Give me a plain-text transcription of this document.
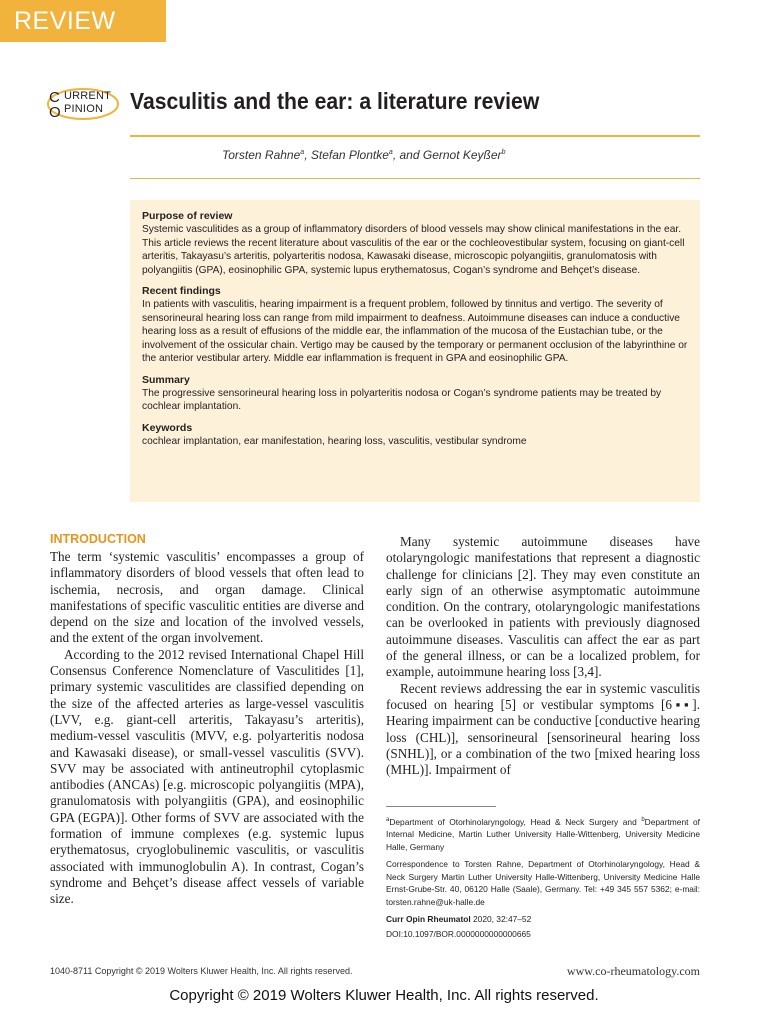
REVIEW
C
O
URRENT
PINION Vasculitis and the ear: a literature review
Torsten Rahne$^a$, Stefan Plontke$^a$, and Gernot Keyßer$^b$
Purpose of review

Systemic vasculitides as a group of inflammatory disorders of blood vessels may show clinical manifestations in the ear. This article reviews the recent literature about vasculitis of the ear or the cochleovestibular system, focusing on giant-cell arteritis, Takayasu’s arteritis, polyarteritis nodosa, Kawasaki disease, microscopic polyangiitis, granulomatosis with polyangiitis (GPA), eosinophilic GPA, systemic lupus erythematosus, Cogan’s syndrome and Behçet’s disease.

Recent findings

In patients with vasculitis, hearing impairment is a frequent problem, followed by tinnitus and vertigo. The severity of sensorineural hearing loss can range from mild impairment to deafness. Autoimmune diseases can induce a conductive hearing loss as a result of effusions of the middle ear, the inflammation of the mucosa of the Eustachian tube, or the involvement of the ossicular chain. Vertigo may be caused by the temporary or permanent occlusion of the labyrinthine or the anterior vestibular artery. Middle ear inflammation is frequent in GPA and eosinophilic GPA.

Summary

The progressive sensorineural hearing loss in polyarteritis nodosa or Cogan’s syndrome patients may be treated by cochlear implantation.

Keywords

cochlear implantation, ear manifestation, hearing loss, vasculitis, vestibular syndrome

INTRODUCTION

The term ‘systemic vasculitis’ encompasses a group of inflammatory disorders of blood vessels that often lead to ischemia, necrosis, and organ damage. Clinical manifestations of specific vasculitic entities are diverse and depend on the size and location of the involved vessels, and the extent of the organ involvement.

According to the 2012 revised International Chapel Hill Consensus Conference Nomenclature of Vasculitides [1], primary systemic vasculitides are classified depending on the size of the affected arteries as large-vessel vasculitis (LVV, e.g. giant-cell arteritis, Takayasu’s arteritis), medium-vessel vasculitis (MVV, e.g. polyarteritis nodosa and Kawasaki disease), or small-vessel vasculitis (SVV). SVV may be associated with antineutrophil cytoplasmic antibodies (ANCAs) [e.g. microscopic polyangiitis (MPA), granulomatosis with polyangiitis (GPA), and eosinophilic GPA (EGPA)]. Other forms of SVV are associated with the formation of immune complexes (e.g. systemic lupus erythematosus, cryoglobulinemic vasculitis, or vasculitis associated with immunoglobulin A). In contrast, Cogan’s syndrome and Behçet’s disease affect vessels of variable size.

Many systemic autoimmune diseases have otolaryngologic manifestations that represent a diagnostic challenge for clinicians [2]. They may even constitute an early sign of an otherwise asymptomatic autoimmune condition. On the contrary, otolaryngologic manifestations can be overlooked in patients with previously diagnosed autoimmune diseases. Vasculitis can affect the ear as part of the general illness, or can be a localized problem, for example, autoimmune hearing loss [3,4].

Recent reviews addressing the ear in systemic vasculitis focused on hearing [5] or vestibular symptoms [6▪▪]. Hearing impairment can be conductive [conductive hearing loss (CHL)], sensorineural [sensorineural hearing loss (SNHL)], or a combination of the two [mixed hearing loss (MHL)]. Impairment of

$^a$Department of Otorhinolaryngology, Head & Neck Surgery and $^b$Department of Internal Medicine, Martin Luther University Halle-Wittenberg, University Medicine Halle, Germany

Correspondence to Torsten Rahne, Department of Otorhinolaryngology, Head & Neck Surgery Martin Luther University Halle-Wittenberg, University Medicine Halle Ernst-Grube-Str. 40, 06120 Halle (Saale), Germany. Tel: +49 345 557 5362; e-mail: torsten.rahne@uk-halle.de

Curr Opin Rheumatol 2020, 32:47–52

DOI:10.1097/BOR.0000000000000665

1040-8711 Copyright © 2019 Wolters Kluwer Health, Inc. All rights reserved.	www.co-rheumatology.com
Copyright © 2019 Wolters Kluwer Health, Inc. All rights reserved.
